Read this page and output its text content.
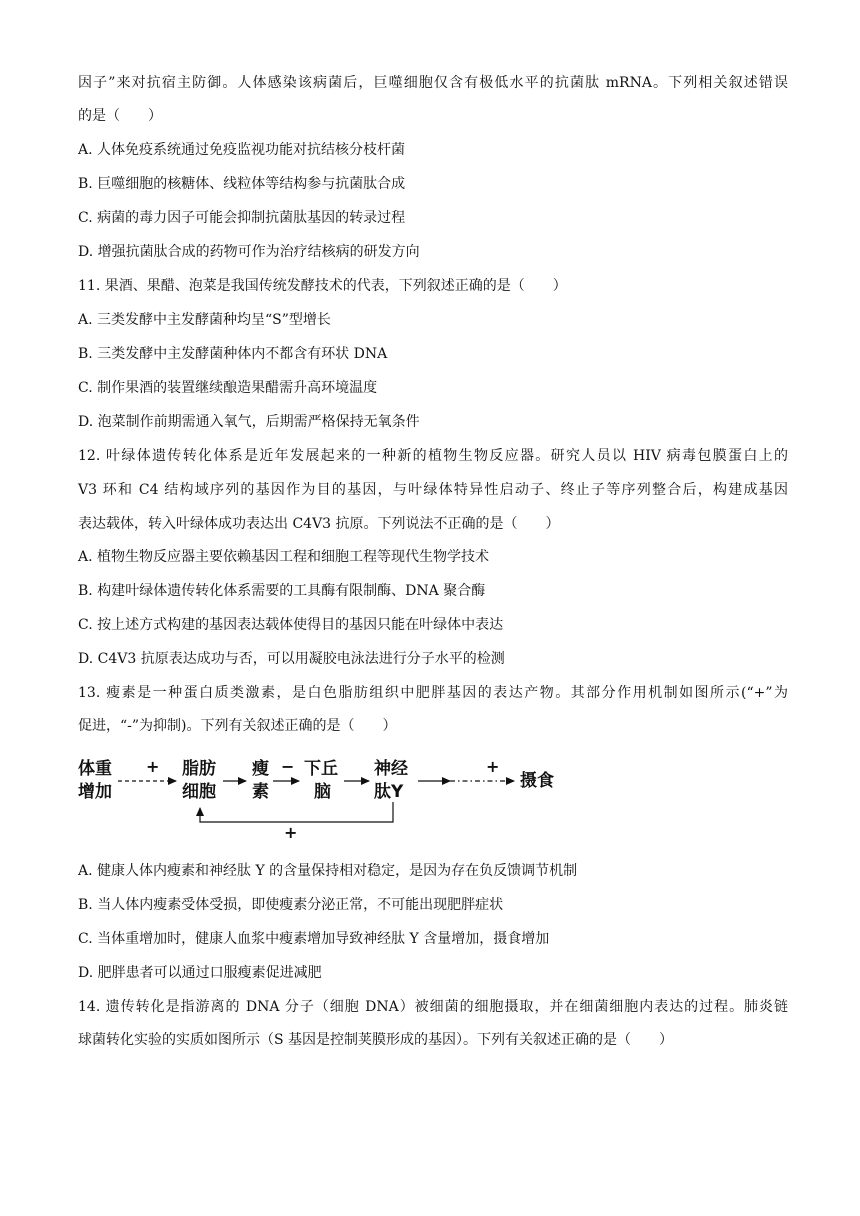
因子”来对抗宿主防御。人体感染该病菌后，巨噬细胞仅含有极低水平的抗菌肽 mRNA。下列相关叙述错误
的是（　　）
A. 人体免疫系统通过免疫监视功能对抗结核分枝杆菌
B. 巨噬细胞的核糖体、线粒体等结构参与抗菌肽合成
C. 病菌的毒力因子可能会抑制抗菌肽基因的转录过程
D. 增强抗菌肽合成的药物可作为治疗结核病的研发方向
11. 果酒、果醋、泡菜是我国传统发酵技术的代表，下列叙述正确的是（　　）
A. 三类发酵中主发酵菌种均呈“S”型增长
B. 三类发酵中主发酵菌种体内不都含有环状 DNA
C. 制作果酒的装置继续酿造果醋需升高环境温度
D. 泡菜制作前期需通入氧气，后期需严格保持无氧条件
12. 叶绿体遗传转化体系是近年发展起来的一种新的植物生物反应器。研究人员以 HIV 病毒包膜蛋白上的
V3 环和 C4 结构域序列的基因作为目的基因，与叶绿体特异性启动子、终止子等序列整合后，构建成基因
表达载体，转入叶绿体成功表达出 C4V3 抗原。下列说法不正确的是（　　）
A. 植物生物反应器主要依赖基因工程和细胞工程等现代生物学技术
B. 构建叶绿体遗传转化体系需要的工具酶有限制酶、DNA 聚合酶
C. 按上述方式构建的基因表达载体使得目的基因只能在叶绿体中表达
D. C4V3 抗原表达成功与否，可以用凝胶电泳法进行分子水平的检测
13. 瘦素是一种蛋白质类激素，是白色脂肪组织中肥胖基因的表达产物。其部分作用机制如图所示(“+”为
促进，“-”为抑制)。下列有关叙述正确的是（　　）
体重
增加
脂肪
细胞
瘦
素
下丘
脑
神经
肽Y
摄食
+	−	+
+
A. 健康人体内瘦素和神经肽 Y 的含量保持相对稳定，是因为存在负反馈调节机制
B. 当人体内瘦素受体受损，即使瘦素分泌正常，不可能出现肥胖症状
C. 当体重增加时，健康人血浆中瘦素增加导致神经肽 Y 含量增加，摄食增加
D. 肥胖患者可以通过口服瘦素促进减肥
14. 遗传转化是指游离的 DNA 分子（细胞 DNA）被细菌的细胞摄取，并在细菌细胞内表达的过程。肺炎链
球菌转化实验的实质如图所示（S 基因是控制荚膜形成的基因）。下列有关叙述正确的是（　　）
